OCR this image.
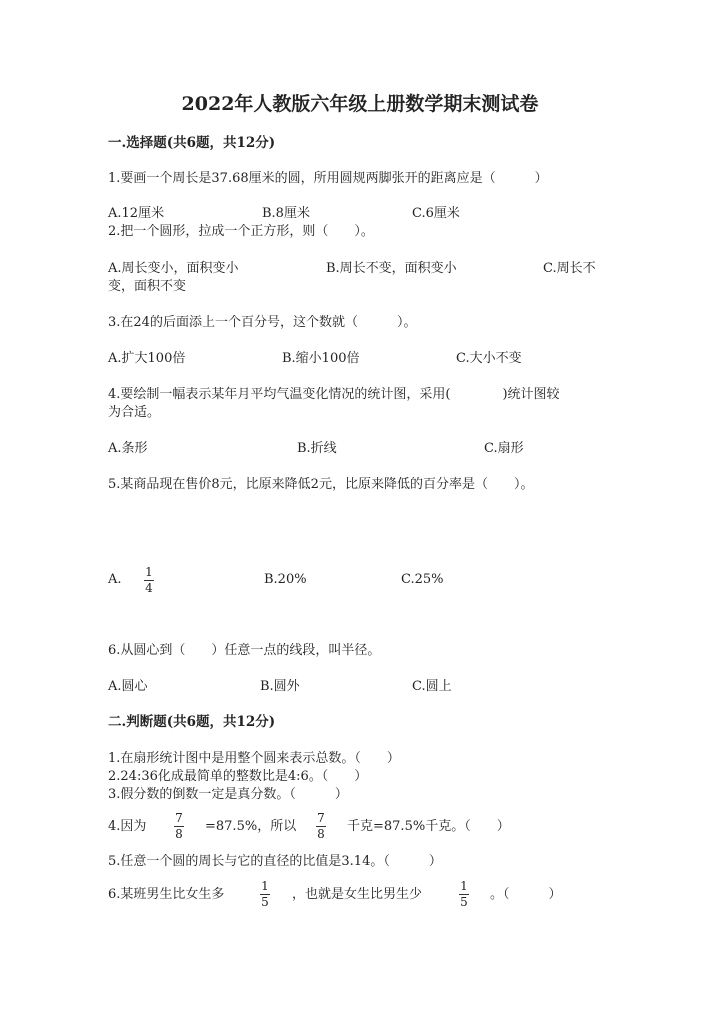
2022年人教版六年级上册数学期末测试卷
一.选择题(共6题，共12分)
1.要画一个周长是37.68厘米的圆，所用圆规两脚张开的距离应是（　　　）
A.12厘米	B.8厘米	C.6厘米
2.把一个圆形，拉成一个正方形，则（　　）。
A.周长变小，面积变小	B.周长不变，面积变小	C.周长不
变，面积不变
3.在24的后面添上一个百分号，这个数就（　　　）。
A.扩大100倍	B.缩小100倍	C.大小不变
4.要绘制一幅表示某年月平均气温变化情况的统计图，采用(　　　　)统计图较
为合适。
A.条形	B.折线	C.扇形
5.某商品现在售价8元，比原来降低2元，比原来降低的百分率是（　　）。
A. 1
4
B.20%	C.25%
6.从圆心到（　　）任意一点的线段，叫半径。
A.圆心	B.圆外	C.圆上
二.判断题(共6题，共12分)
1.在扇形统计图中是用整个圆来表示总数。（　　）
2.24:36化成最简单的整数比是4:6。（　　）
3.假分数的倒数一定是真分数。（　　　）
4.因为
7
8 =87.5%，所以
7
8 千克=87.5%千克。（　　）
5.任意一个圆的周长与它的直径的比值是3.14。（　　　）
6.某班男生比女生多
1
5 ，也就是女生比男生少
1
5 。（　　　）
